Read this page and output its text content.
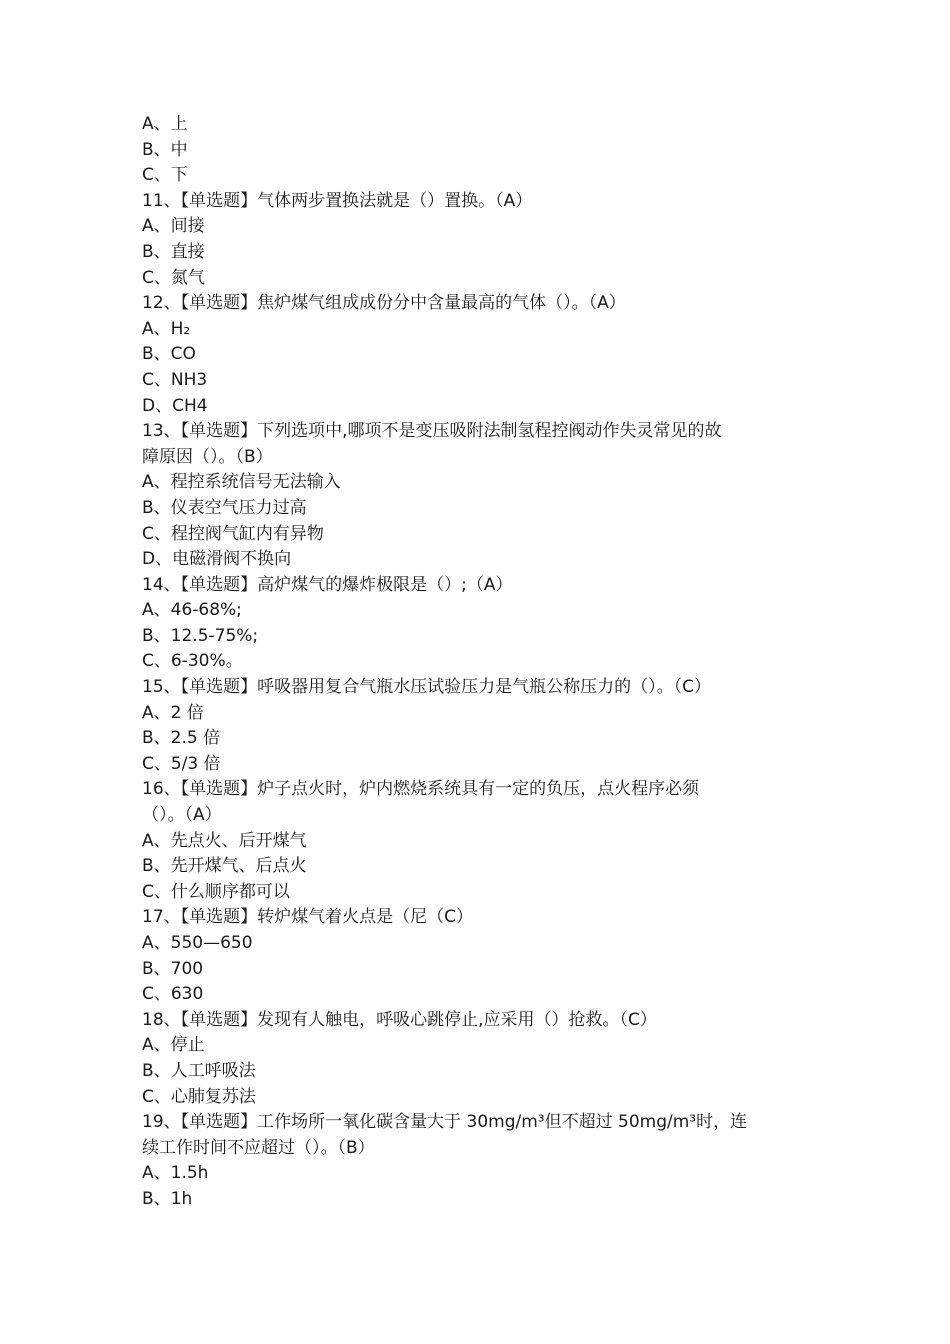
A、上
B、中
C、下
11、【单选题】气体两步置换法就是（）置换。（A）
A、间接
B、直接
C、氮气
12、【单选题】焦炉煤气组成成份分中含量最高的气体（）。（A）
A、H₂
B、CO
C、NH3
D、CH4
13、【单选题】下列选项中,哪项不是变压吸附法制氢程控阀动作失灵常见的故
障原因（）。（B）
A、程控系统信号无法输入
B、仪表空气压力过高
C、程控阀气缸内有异物
D、电磁滑阀不换向
14、【单选题】高炉煤气的爆炸极限是（）;（A）
A、46-68%;
B、12.5-75%;
C、6-30%。
15、【单选题】呼吸器用复合气瓶水压试验压力是气瓶公称压力的（）。（C）
A、2 倍
B、2.5 倍
C、5/3 倍
16、【单选题】炉子点火时，炉内燃烧系统具有一定的负压，点火程序必须
（）。（A）
A、先点火、后开煤气
B、先开煤气、后点火
C、什么顺序都可以
17、【单选题】转炉煤气着火点是（尼（C）
A、550—650
B、700
C、630
18、【单选题】发现有人触电，呼吸心跳停止,应采用（）抢救。（C）
A、停止
B、人工呼吸法
C、心肺复苏法
19、【单选题】工作场所一氧化碳含量大于 30mg/m³但不超过 50mg/m³时，连
续工作时间不应超过（）。（B）
A、1.5h
B、1h
